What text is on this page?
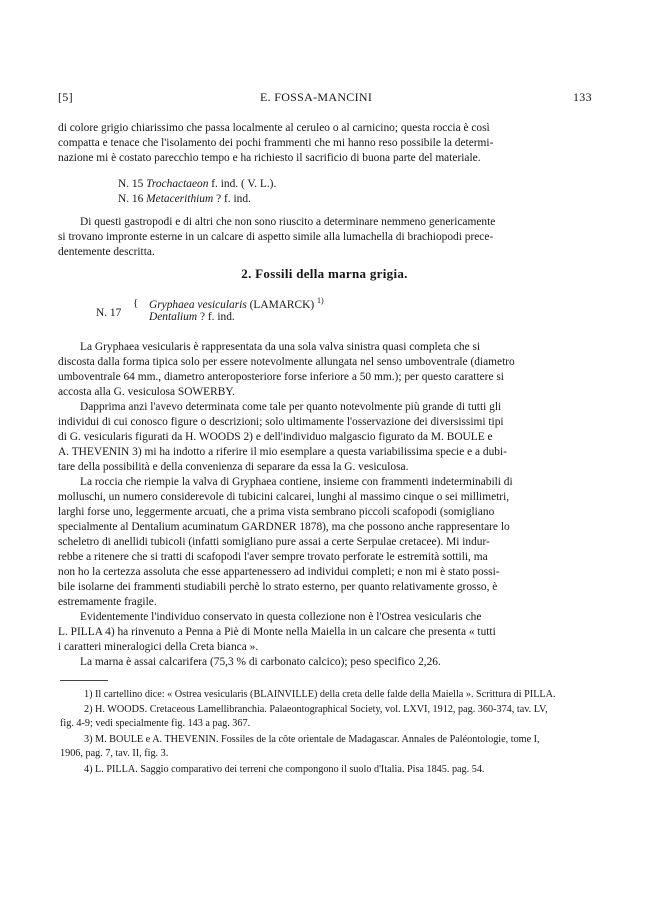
[5]	E. FOSSA-MANCINI	133
di colore grigio chiarissimo che passa localmente al ceruleo o al carnicino; questa roccia è così
compatta e tenace che l'isolamento dei pochi frammenti che mi hanno reso possibile la determi-
nazione mi è costato parecchio tempo e ha richiesto il sacrificio di buona parte del materiale.
N. 15 Trochactaeon f. ind. ( V. L.).
N. 16 Metacerithium ? f. ind.
Di questi gastropodi e di altri che non sono riuscito a determinare nemmeno genericamente
si trovano impronte esterne in un calcare di aspetto simile alla lumachella di brachiopodi prece-
dentemente descritta.
2. Fossili della marna grigia.
N. 17
{ Gryphaea vesicularis (LAMARCK) $^{1)}$
Dentalium ? f. ind.
La Gryphaea vesicularis è rappresentata da una sola valva sinistra quasi completa che si
discosta dalla forma tipica solo per essere notevolmente allungata nel senso umboventrale (diametro
umboventrale 64 mm., diametro anteroposteriore forse inferiore a 50 mm.); per questo carattere si
accosta alla G. vesiculosa SOWERBY.
Dapprima anzi l'avevo determinata come tale per quanto notevolmente più grande di tutti gli
individui di cui conosco figure o descrizioni; solo ultimamente l'osservazione dei diversissimi tipi
di G. vesicularis figurati da H. WOODS 2) e dell'individuo malgascio figurato da M. BOULE e
A. THEVENIN 3) mi ha indotto a riferire il mio esemplare a questa variabilissima specie e a dubi-
tare della possibilità e della convenienza di separare da essa la G. vesiculosa.
La roccia che riempie la valva di Gryphaea contiene, insieme con frammenti indeterminabili di
molluschi, un numero considerevole di tubicini calcarei, lunghi al massimo cinque o sei millimetri,
larghi forse uno, leggermente arcuati, che a prima vista sembrano piccoli scafopodi (somigliano
specialmente al Dentalium acuminatum GARDNER 1878), ma che possono anche rappresentare lo
scheletro di anellidi tubicoli (infatti somigliano pure assai a certe Serpulae cretacee). Mi indur-
rebbe a ritenere che si tratti di scafopodi l'aver sempre trovato perforate le estremità sottili, ma
non ho la certezza assoluta che esse appartenessero ad individui completi; e non mi è stato possi-
bile isolarne dei frammenti studiabili perchè lo strato esterno, per quanto relativamente grosso, è
estremamente fragile.
Evidentemente l'individuo conservato in questa collezione non è l'Ostrea vesicularis che
L. PILLA 4) ha rinvenuto a Penna a Piè di Monte nella Maiella in un calcare che presenta « tutti
i caratteri mineralogici della Creta bianca ».
La marna è assai calcarifera (75,3 % di carbonato calcico); peso specifico 2,26.
1) Il cartellino dice: « Ostrea vesicularis (BLAINVILLE) della creta delle falde della Maiella ». Scrittura di PILLA.
2) H. WOODS. Cretaceous Lamellibranchia. Palaeontographical Society, vol. LXVI, 1912, pag. 360-374, tav. LV,
fig. 4-9; vedi specialmente fig. 143 a pag. 367.
3) M. BOULE e A. THEVENIN. Fossiles de la côte orientale de Madagascar. Annales de Paléontologie, tome I,
1906, pag. 7, tav. II, fig. 3.
4) L. PILLA. Saggio comparativo dei terreni che compongono il suolo d'Italia. Pisa 1845. pag. 54.
